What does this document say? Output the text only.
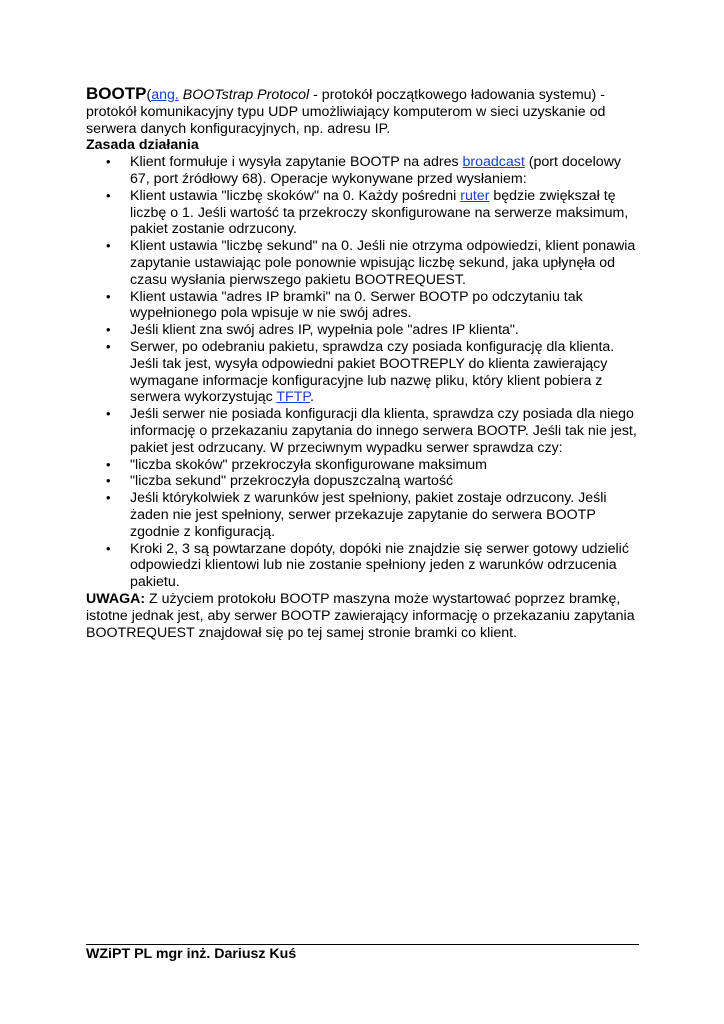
BOOTP(ang. BOOTstrap Protocol - protokół początkowego ładowania systemu) - protokół komunikacyjny typu UDP umożliwiający komputerom w sieci uzyskanie od serwera danych konfiguracyjnych, np. adresu IP.

Zasada działania

• Klient formułuje i wysyła zapytanie BOOTP na adres broadcast (port docelowy 67, port źródłowy 68). Operacje wykonywane przed wysłaniem:
• Klient ustawia "liczbę skoków" na 0. Każdy pośredni ruter będzie zwiększał tę liczbę o 1. Jeśli wartość ta przekroczy skonfigurowane na serwerze maksimum, pakiet zostanie odrzucony.
• Klient ustawia "liczbę sekund" na 0. Jeśli nie otrzyma odpowiedzi, klient ponawia zapytanie ustawiając pole ponownie wpisując liczbę sekund, jaka upłynęła od czasu wysłania pierwszego pakietu BOOTREQUEST.
• Klient ustawia "adres IP bramki" na 0. Serwer BOOTP po odczytaniu tak wypełnionego pola wpisuje w nie swój adres.
• Jeśli klient zna swój adres IP, wypełnia pole "adres IP klienta".
• Serwer, po odebraniu pakietu, sprawdza czy posiada konfigurację dla klienta. Jeśli tak jest, wysyła odpowiedni pakiet BOOTREPLY do klienta zawierający wymagane informacje konfiguracyjne lub nazwę pliku, który klient pobiera z serwera wykorzystując TFTP.
• Jeśli serwer nie posiada konfiguracji dla klienta, sprawdza czy posiada dla niego informację o przekazaniu zapytania do innego serwera BOOTP. Jeśli tak nie jest, pakiet jest odrzucany. W przeciwnym wypadku serwer sprawdza czy:
• "liczba skoków" przekroczyła skonfigurowane maksimum
• "liczba sekund" przekroczyła dopuszczalną wartość
• Jeśli którykolwiek z warunków jest spełniony, pakiet zostaje odrzucony. Jeśli żaden nie jest spełniony, serwer przekazuje zapytanie do serwera BOOTP zgodnie z konfiguracją.
• Kroki 2, 3 są powtarzane dopóty, dopóki nie znajdzie się serwer gotowy udzielić odpowiedzi klientowi lub nie zostanie spełniony jeden z warunków odrzucenia pakietu.

UWAGA: Z użyciem protokołu BOOTP maszyna może wystartować poprzez bramkę, istotne jednak jest, aby serwer BOOTP zawierający informację o przekazaniu zapytania BOOTREQUEST znajdował się po tej samej stronie bramki co klient.

WZiPT PL mgr inż. Dariusz Kuś
